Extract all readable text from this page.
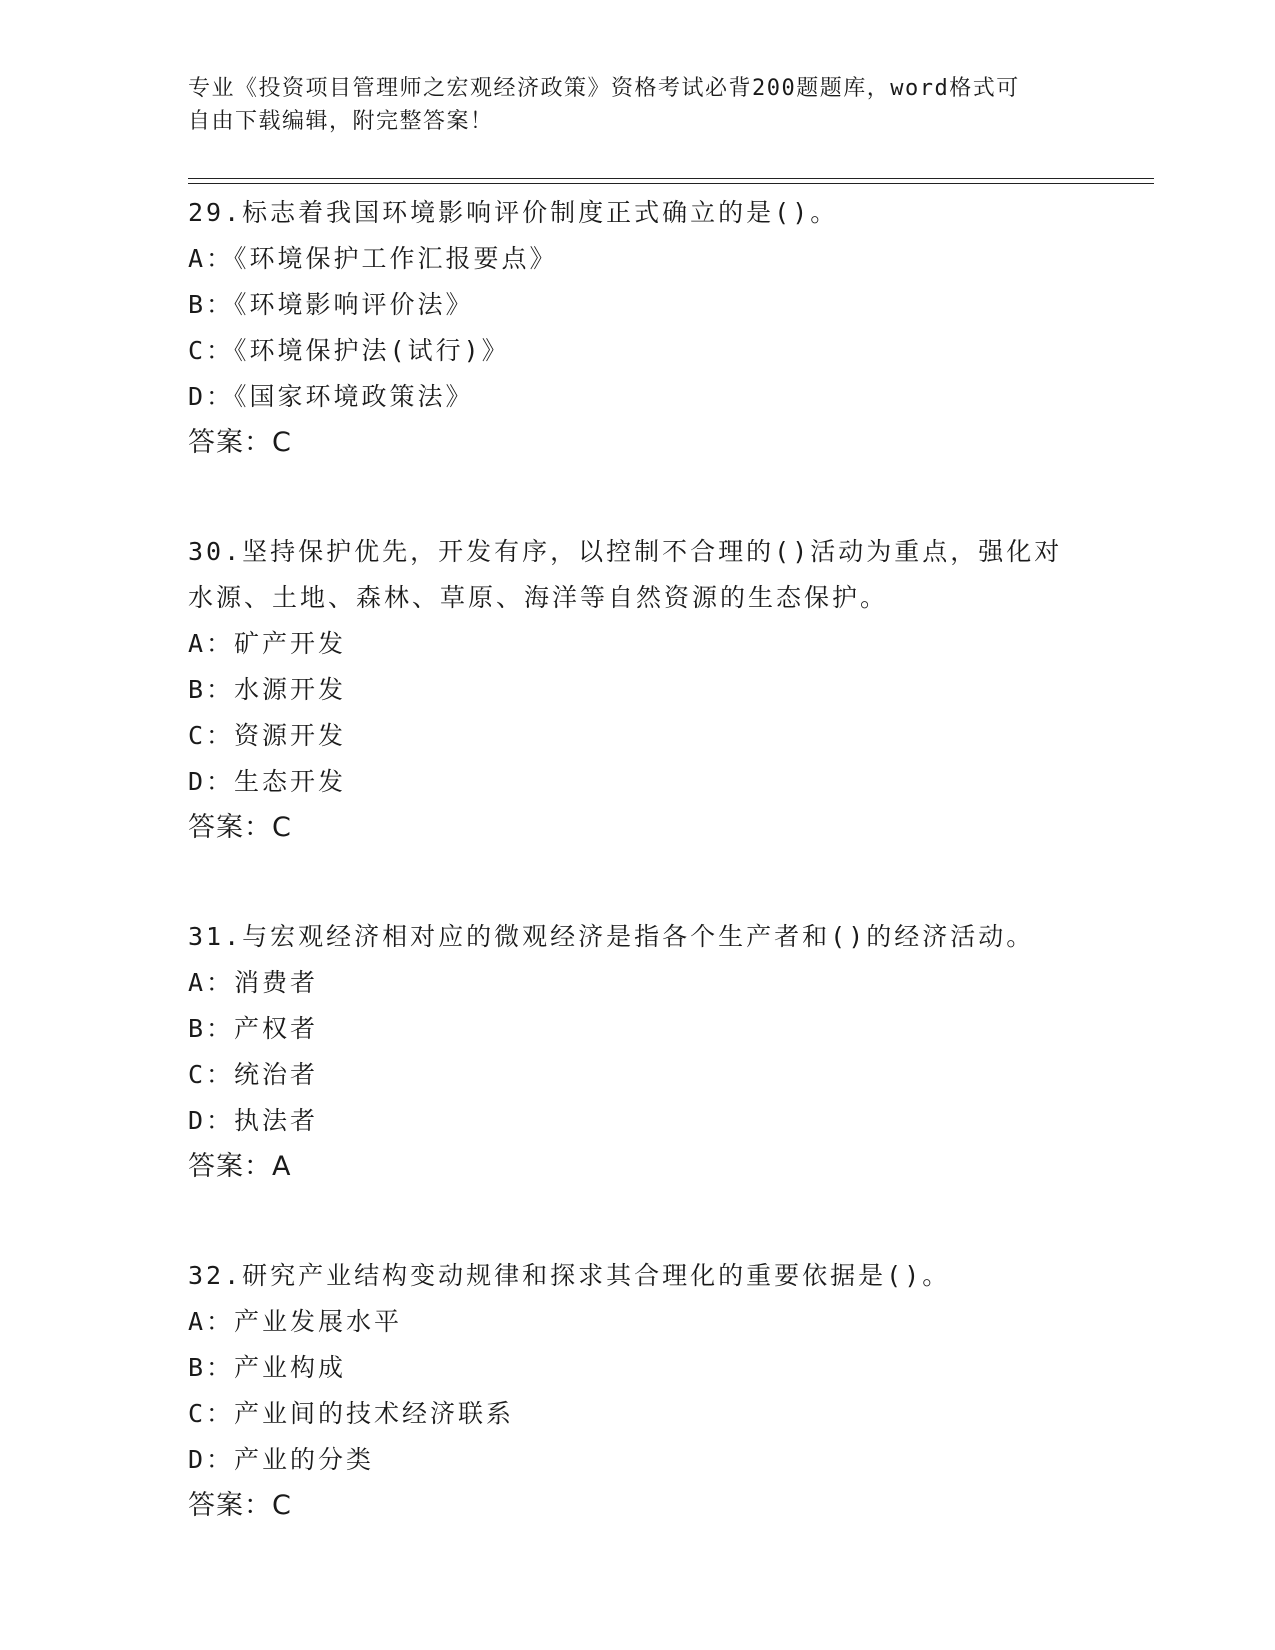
专业《投资项目管理师之宏观经济政策》资格考试必背200题题库，word格式可
自由下载编辑，附完整答案！
29.标志着我国环境影响评价制度正式确立的是()。
A：《环境保护工作汇报要点》
B：《环境影响评价法》
C：《环境保护法(试行)》
D：《国家环境政策法》
答案：C
30.坚持保护优先，开发有序，以控制不合理的()活动为重点，强化对水源、土地、森林、草原、海洋等自然资源的生态保护。
A：矿产开发
B：水源开发
C：资源开发
D：生态开发
答案：C
31.与宏观经济相对应的微观经济是指各个生产者和()的经济活动。
A：消费者
B：产权者
C：统治者
D：执法者
答案：A
32.研究产业结构变动规律和探求其合理化的重要依据是()。
A：产业发展水平
B：产业构成
C：产业间的技术经济联系
D：产业的分类
答案：C
